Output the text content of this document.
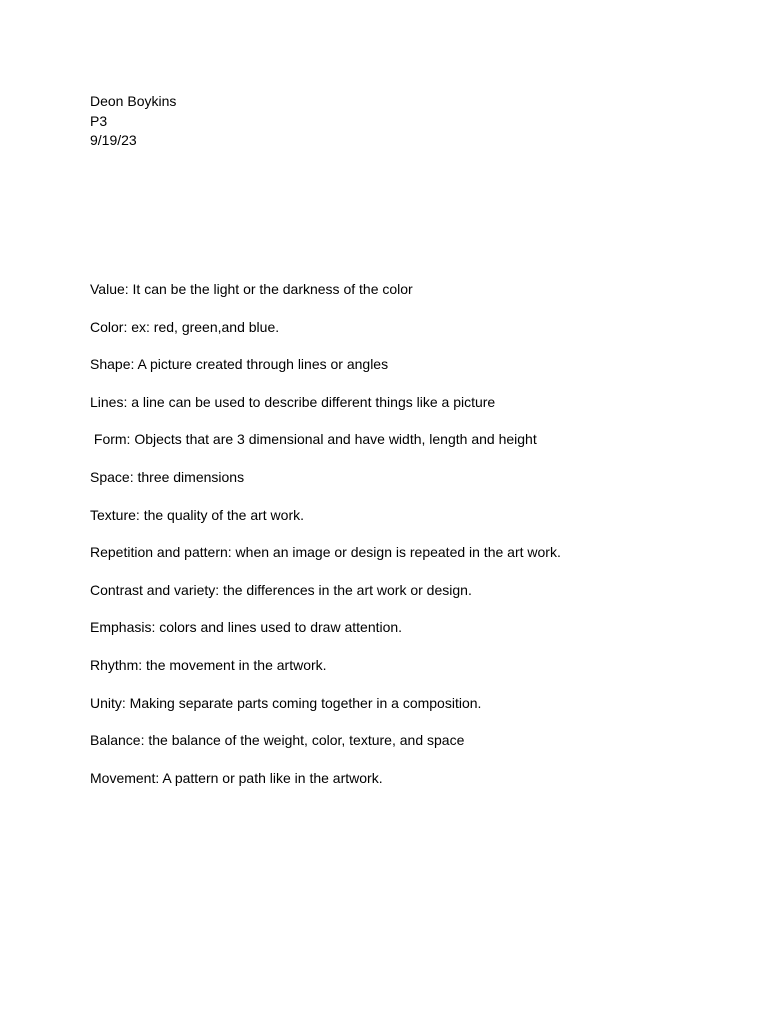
Deon Boykins
P3
9/19/23
Value: It can be the light or the darkness of the color
Color: ex: red, green,and blue.
Shape: A picture created through lines or angles
Lines: a line can be used to describe different things like a picture
Form: Objects that are 3 dimensional and have width, length and height
Space: three dimensions
Texture: the quality of the art work.
Repetition and pattern: when an image or design is repeated in the art work.
Contrast and variety: the differences in the art work or design.
Emphasis: colors and lines used to draw attention.
Rhythm: the movement in the artwork.
Unity: Making separate parts coming together in a composition.
Balance: the balance of the weight, color, texture, and space
Movement: A pattern or path like in the artwork.
